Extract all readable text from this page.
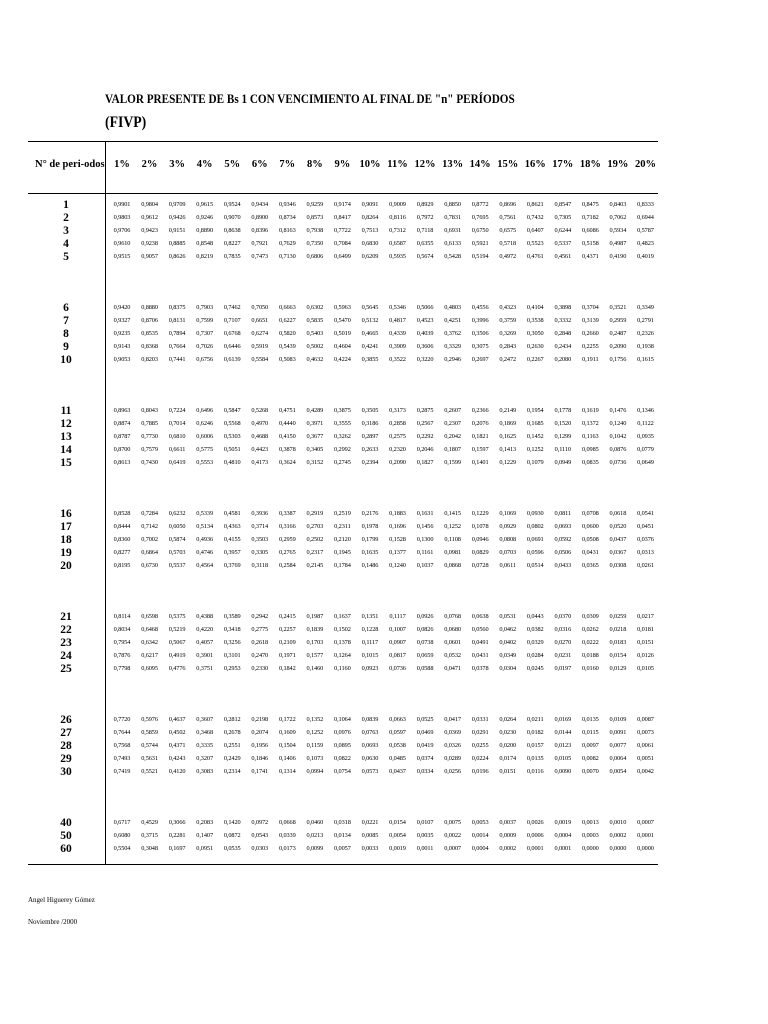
VALOR PRESENTE DE Bs 1 CON VENCIMIENTO AL FINAL DE "n" PERÍODOS
(FIVP)
N° de peri-odos 1% 2% 3% 4% 5% 6% 7% 8% 9% 10% 11% 12% 13% 14% 15% 16% 17% 18% 19% 20%
1	0,9901 0,9804 0,9709 0,9615 0,9524 0,9434 0,9346 0,9259 0,9174 0,9091 0,9009 0,8929 0,8850 0,8772 0,8696 0,8621 0,8547 0,8475 0,8403 0,8333
2	0,9803 0,9612 0,9426 0,9246 0,9070 0,8900 0,8734 0,8573 0,8417 0,8264 0,8116 0,7972 0,7831 0,7695 0,7561 0,7432 0,7305 0,7182 0,7062 0,6944
3	0,9706 0,9423 0,9151 0,8890 0,8638 0,8396 0,8163 0,7938 0,7722 0,7513 0,7312 0,7118 0,6931 0,6750 0,6575 0,6407 0,6244 0,6086 0,5934 0,5787
4	0,9610 0,9238 0,8885 0,8548 0,8227 0,7921 0,7629 0,7350 0,7084 0,6830 0,6587 0,6355 0,6133 0,5921 0,5718 0,5523 0,5337 0,5158 0,4987 0,4823
5	0,9515 0,9057 0,8626 0,8219 0,7835 0,7473 0,7130 0,6806 0,6499 0,6209 0,5935 0,5674 0,5428 0,5194 0,4972 0,4761 0,4561 0,4371 0,4190 0,4019
6	0,9420 0,8880 0,8375 0,7903 0,7462 0,7050 0,6663 0,6302 0,5963 0,5645 0,5346 0,5066 0,4803 0,4556 0,4323 0,4104 0,3898 0,3704 0,3521 0,3349
7	0,9327 0,8706 0,8131 0,7599 0,7107 0,6651 0,6227 0,5835 0,5470 0,5132 0,4817 0,4523 0,4251 0,3996 0,3759 0,3538 0,3332 0,3139 0,2959 0,2791
8	0,9235 0,8535 0,7894 0,7307 0,6768 0,6274 0,5820 0,5403 0,5019 0,4665 0,4339 0,4039 0,3762 0,3506 0,3269 0,3050 0,2848 0,2660 0,2487 0,2326
9	0,9143 0,8368 0,7664 0,7026 0,6446 0,5919 0,5439 0,5002 0,4604 0,4241 0,3909 0,3606 0,3329 0,3075 0,2843 0,2630 0,2434 0,2255 0,2090 0,1938
10	0,9053 0,8203 0,7441 0,6756 0,6139 0,5584 0,5083 0,4632 0,4224 0,3855 0,3522 0,3220 0,2946 0,2697 0,2472 0,2267 0,2080 0,1911 0,1756 0,1615
11	0,8963 0,8043 0,7224 0,6496 0,5847 0,5268 0,4751 0,4289 0,3875 0,3505 0,3173 0,2875 0,2607 0,2366 0,2149 0,1954 0,1778 0,1619 0,1476 0,1346
12	0,8874 0,7885 0,7014 0,6246 0,5568 0,4970 0,4440 0,3971 0,3555 0,3186 0,2858 0,2567 0,2307 0,2076 0,1869 0,1685 0,1520 0,1372 0,1240 0,1122
13	0,8787 0,7730 0,6810 0,6006 0,5303 0,4688 0,4150 0,3677 0,3262 0,2897 0,2575 0,2292 0,2042 0,1821 0,1625 0,1452 0,1299 0,1163 0,1042 0,0935
14	0,8700 0,7579 0,6611 0,5775 0,5051 0,4423 0,3878 0,3405 0,2992 0,2633 0,2320 0,2046 0,1807 0,1597 0,1413 0,1252 0,1110 0,0985 0,0876 0,0779
15	0,8613 0,7430 0,6419 0,5553 0,4810 0,4173 0,3624 0,3152 0,2745 0,2394 0,2090 0,1827 0,1599 0,1401 0,1229 0,1079 0,0949 0,0835 0,0736 0,0649
16	0,8528 0,7284 0,6232 0,5339 0,4581 0,3936 0,3387 0,2919 0,2519 0,2176 0,1883 0,1631 0,1415 0,1229 0,1069 0,0930 0,0811 0,0708 0,0618 0,0541
17	0,8444 0,7142 0,6050 0,5134 0,4363 0,3714 0,3166 0,2703 0,2311 0,1978 0,1696 0,1456 0,1252 0,1078 0,0929 0,0802 0,0693 0,0600 0,0520 0,0451
18	0,8360 0,7002 0,5874 0,4936 0,4155 0,3503 0,2959 0,2502 0,2120 0,1799 0,1528 0,1300 0,1108 0,0946 0,0808 0,0691 0,0592 0,0508 0,0437 0,0376
19	0,8277 0,6864 0,5703 0,4746 0,3957 0,3305 0,2765 0,2317 0,1945 0,1635 0,1377 0,1161 0,0981 0,0829 0,0703 0,0596 0,0506 0,0431 0,0367 0,0313
20	0,8195 0,6730 0,5537 0,4564 0,3769 0,3118 0,2584 0,2145 0,1784 0,1486 0,1240 0,1037 0,0868 0,0728 0,0611 0,0514 0,0433 0,0365 0,0308 0,0261
21	0,8114 0,6598 0,5375 0,4388 0,3589 0,2942 0,2415 0,1987 0,1637 0,1351 0,1117 0,0926 0,0768 0,0638 0,0531 0,0443 0,0370 0,0309 0,0259 0,0217
22	0,8034 0,6468 0,5219 0,4220 0,3418 0,2775 0,2257 0,1839 0,1502 0,1228 0,1007 0,0826 0,0680 0,0560 0,0462 0,0382 0,0316 0,0262 0,0218 0,0181
23	0,7954 0,6342 0,5067 0,4057 0,3256 0,2618 0,2109 0,1703 0,1378 0,1117 0,0907 0,0738 0,0601 0,0491 0,0402 0,0329 0,0270 0,0222 0,0183 0,0151
24	0,7876 0,6217 0,4919 0,3901 0,3101 0,2470 0,1971 0,1577 0,1264 0,1015 0,0817 0,0659 0,0532 0,0431 0,0349 0,0284 0,0231 0,0188 0,0154 0,0126
25	0,7798 0,6095 0,4776 0,3751 0,2953 0,2330 0,1842 0,1460 0,1160 0,0923 0,0736 0,0588 0,0471 0,0378 0,0304 0,0245 0,0197 0,0160 0,0129 0,0105
26	0,7720 0,5976 0,4637 0,3607 0,2812 0,2198 0,1722 0,1352 0,1064 0,0839 0,0663 0,0525 0,0417 0,0331 0,0264 0,0211 0,0169 0,0135 0,0109 0,0087
27	0,7644 0,5859 0,4502 0,3468 0,2678 0,2074 0,1609 0,1252 0,0976 0,0763 0,0597 0,0469 0,0369 0,0291 0,0230 0,0182 0,0144 0,0115 0,0091 0,0073
28	0,7568 0,5744 0,4371 0,3335 0,2551 0,1956 0,1504 0,1159 0,0895 0,0693 0,0538 0,0419 0,0326 0,0255 0,0200 0,0157 0,0123 0,0097 0,0077 0,0061
29	0,7493 0,5631 0,4243 0,3207 0,2429 0,1846 0,1406 0,1073 0,0822 0,0630 0,0485 0,0374 0,0289 0,0224 0,0174 0,0135 0,0105 0,0082 0,0064 0,0051
30	0,7419 0,5521 0,4120 0,3083 0,2314 0,1741 0,1314 0,0994 0,0754 0,0573 0,0437 0,0334 0,0256 0,0196 0,0151 0,0116 0,0090 0,0070 0,0054 0,0042
40	0,6717 0,4529 0,3066 0,2083 0,1420 0,0972 0,0668 0,0460 0,0318 0,0221 0,0154 0,0107 0,0075 0,0053 0,0037 0,0026 0,0019 0,0013 0,0010 0,0007
50	0,6080 0,3715 0,2281 0,1407 0,0872 0,0543 0,0339 0,0213 0,0134 0,0085 0,0054 0,0035 0,0022 0,0014 0,0009 0,0006 0,0004 0,0003 0,0002 0,0001
60	0,5504 0,3048 0,1697 0,0951 0,0535 0,0303 0,0173 0,0099 0,0057 0,0033 0,0019 0,0011 0,0007 0,0004 0,0002 0,0001 0,0001 0,0000 0,0000 0,0000
Angel Higuerey Gómez
Noviembre /2000
